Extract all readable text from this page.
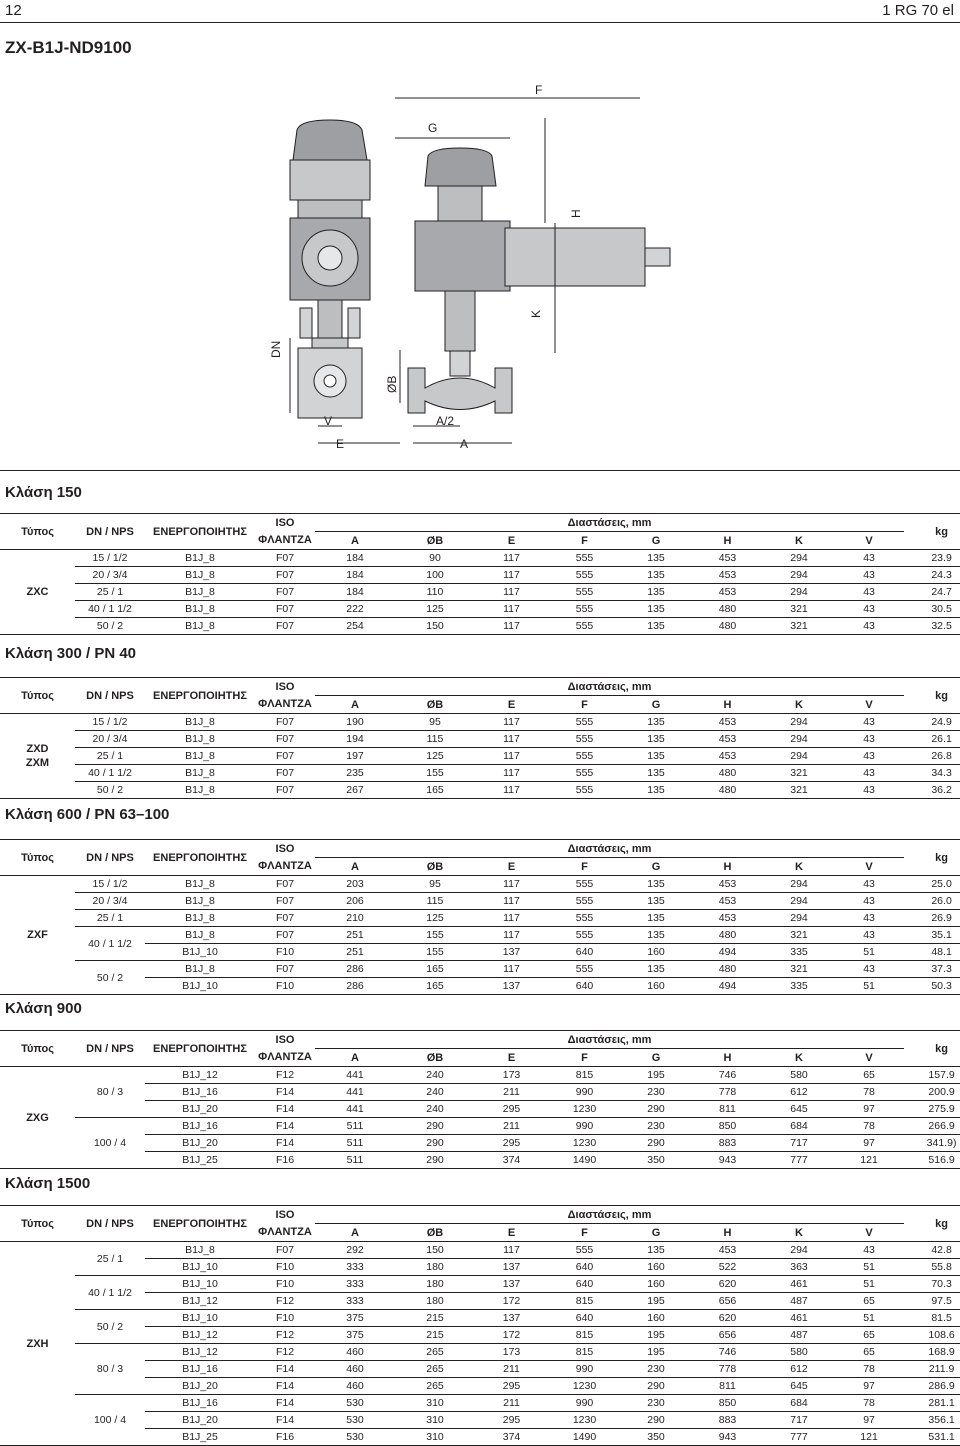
12	1 RG 70 el
ZX-B1J-ND9100
F
G
H
K
DN
ØB
V
E
A/2
A
Κλάση 150
Τύπος	DN / NPS	ΕΝΕΡΓΟΠΟΙΗΤΗΣ	ISO	Διαστάσεις, mm								kg
			ΦΛΑΝΤΖΑ	A	ØB	E	F	G	H	K	V	
ZXC	15 / 1/2	B1J_8	F07	184	90	117	555	135	453	294	43	23.9
	20 / 3/4	B1J_8	F07	184	100	117	555	135	453	294	43	24.3
	25 / 1	B1J_8	F07	184	110	117	555	135	453	294	43	24.7
	40 / 1 1/2	B1J_8	F07	222	125	117	555	135	480	321	43	30.5
	50 / 2	B1J_8	F07	254	150	117	555	135	480	321	43	32.5
Κλάση 300 / PN 40
Τύπος	DN / NPS	ΕΝΕΡΓΟΠΟΙΗΤΗΣ	ISO	Διαστάσεις, mm								kg
			ΦΛΑΝΤΖΑ	A	ØB	E	F	G	H	K	V	
ZXD
ZXM	15 / 1/2	B1J_8	F07	190	95	117	555	135	453	294	43	24.9
	20 / 3/4	B1J_8	F07	194	115	117	555	135	453	294	43	26.1
	25 / 1	B1J_8	F07	197	125	117	555	135	453	294	43	26.8
	40 / 1 1/2	B1J_8	F07	235	155	117	555	135	480	321	43	34.3
	50 / 2	B1J_8	F07	267	165	117	555	135	480	321	43	36.2
Κλάση 600 / PN 63–100
Τύπος	DN / NPS	ΕΝΕΡΓΟΠΟΙΗΤΗΣ	ISO	Διαστάσεις, mm								kg
			ΦΛΑΝΤΖΑ	A	ØB	E	F	G	H	K	V	
ZXF	15 / 1/2	B1J_8	F07	203	95	117	555	135	453	294	43	25.0
	20 / 3/4	B1J_8	F07	206	115	117	555	135	453	294	43	26.0
	25 / 1	B1J_8	F07	210	125	117	555	135	453	294	43	26.9
	40 / 1 1/2	B1J_8	F07	251	155	117	555	135	480	321	43	35.1
		B1J_10	F10	251	155	137	640	160	494	335	51	48.1
	50 / 2	B1J_8	F07	286	165	117	555	135	480	321	43	37.3
		B1J_10	F10	286	165	137	640	160	494	335	51	50.3
Κλάση 900
Τύπος	DN / NPS	ΕΝΕΡΓΟΠΟΙΗΤΗΣ	ISO	Διαστάσεις, mm								kg
			ΦΛΑΝΤΖΑ	A	ØB	E	F	G	H	K	V	
ZXG	80 / 3	B1J_12	F12	441	240	173	815	195	746	580	65	157.9
		B1J_16	F14	441	240	211	990	230	778	612	78	200.9
		B1J_20	F14	441	240	295	1230	290	811	645	97	275.9
	100 / 4	B1J_16	F14	511	290	211	990	230	850	684	78	266.9
		B1J_20	F14	511	290	295	1230	290	883	717	97	341.9)
		B1J_25	F16	511	290	374	1490	350	943	777	121	516.9
Κλάση 1500
Τύπος	DN / NPS	ΕΝΕΡΓΟΠΟΙΗΤΗΣ	ISO	Διαστάσεις, mm								kg
			ΦΛΑΝΤΖΑ	A	ØB	E	F	G	H	K	V	
ZXH	25 / 1	B1J_8	F07	292	150	117	555	135	453	294	43	42.8
		B1J_10	F10	333	180	137	640	160	522	363	51	55.8
	40 / 1 1/2	B1J_10	F10	333	180	137	640	160	620	461	51	70.3
		B1J_12	F12	333	180	172	815	195	656	487	65	97.5
	50 / 2	B1J_10	F10	375	215	137	640	160	620	461	51	81.5
		B1J_12	F12	375	215	172	815	195	656	487	65	108.6
	80 / 3	B1J_12	F12	460	265	173	815	195	746	580	65	168.9
		B1J_16	F14	460	265	211	990	230	778	612	78	211.9
		B1J_20	F14	460	265	295	1230	290	811	645	97	286.9
	100 / 4	B1J_16	F14	530	310	211	990	230	850	684	78	281.1
		B1J_20	F14	530	310	295	1230	290	883	717	97	356.1
		B1J_25	F16	530	310	374	1490	350	943	777	121	531.1
